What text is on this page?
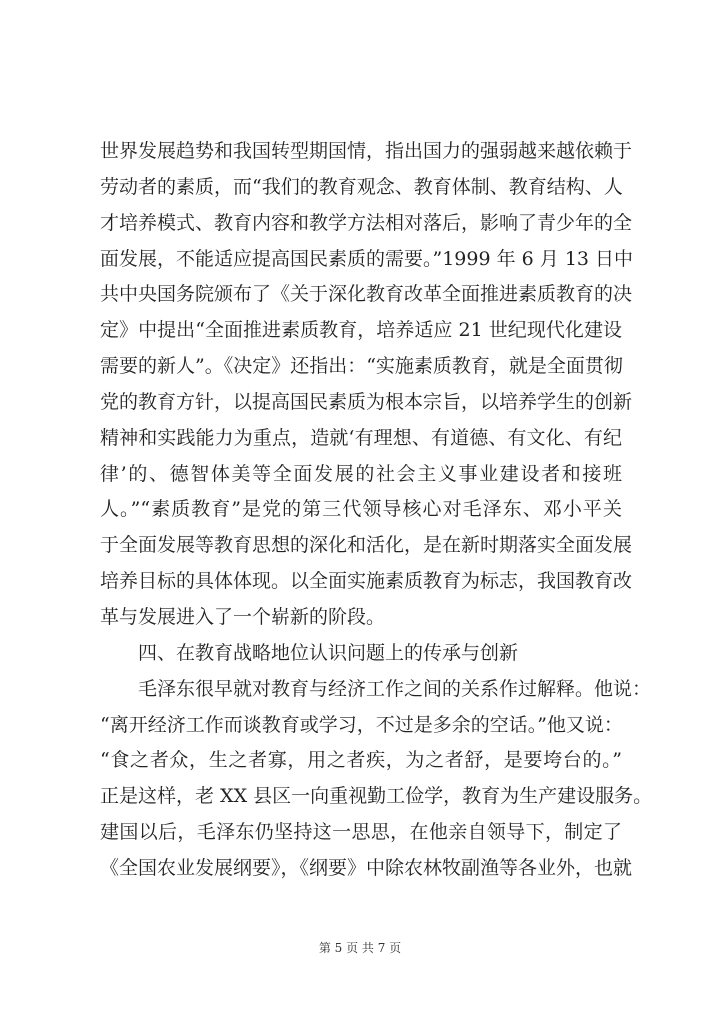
世界发展趋势和我国转型期国情，指出国力的强弱越来越依赖于
劳动者的素质，而“我们的教育观念、教育体制、教育结构、人
才培养模式、教育内容和教学方法相对落后，影响了青少年的全
面发展，不能适应提高国民素质的需要。”1999 年 6 月 13 日中
共中央国务院颁布了《关于深化教育改革全面推进素质教育的决
定》中提出“全面推进素质教育，培养适应 21 世纪现代化建设
需要的新人”。《决定》还指出：“实施素质教育，就是全面贯彻
党的教育方针，以提高国民素质为根本宗旨，以培养学生的创新
精神和实践能力为重点，造就‘有理想、有道德、有文化、有纪
律’的、德智体美等全面发展的社会主义事业建设者和接班
人。”“素质教育”是党的第三代领导核心对毛泽东、邓小平关
于全面发展等教育思想的深化和活化，是在新时期落实全面发展
培养目标的具体体现。以全面实施素质教育为标志，我国教育改
革与发展进入了一个崭新的阶段。
四、在教育战略地位认识问题上的传承与创新
毛泽东很早就对教育与经济工作之间的关系作过解释。他说：
“离开经济工作而谈教育或学习，不过是多余的空话。”他又说：
“食之者众，生之者寡，用之者疾，为之者舒，是要垮台的。”
正是这样，老 XX 县区一向重视勤工俭学，教育为生产建设服务。
建国以后，毛泽东仍坚持这一思思，在他亲自领导下，制定了
《全国农业发展纲要》，《纲要》中除农林牧副渔等各业外，也就
第 5 页 共 7 页
